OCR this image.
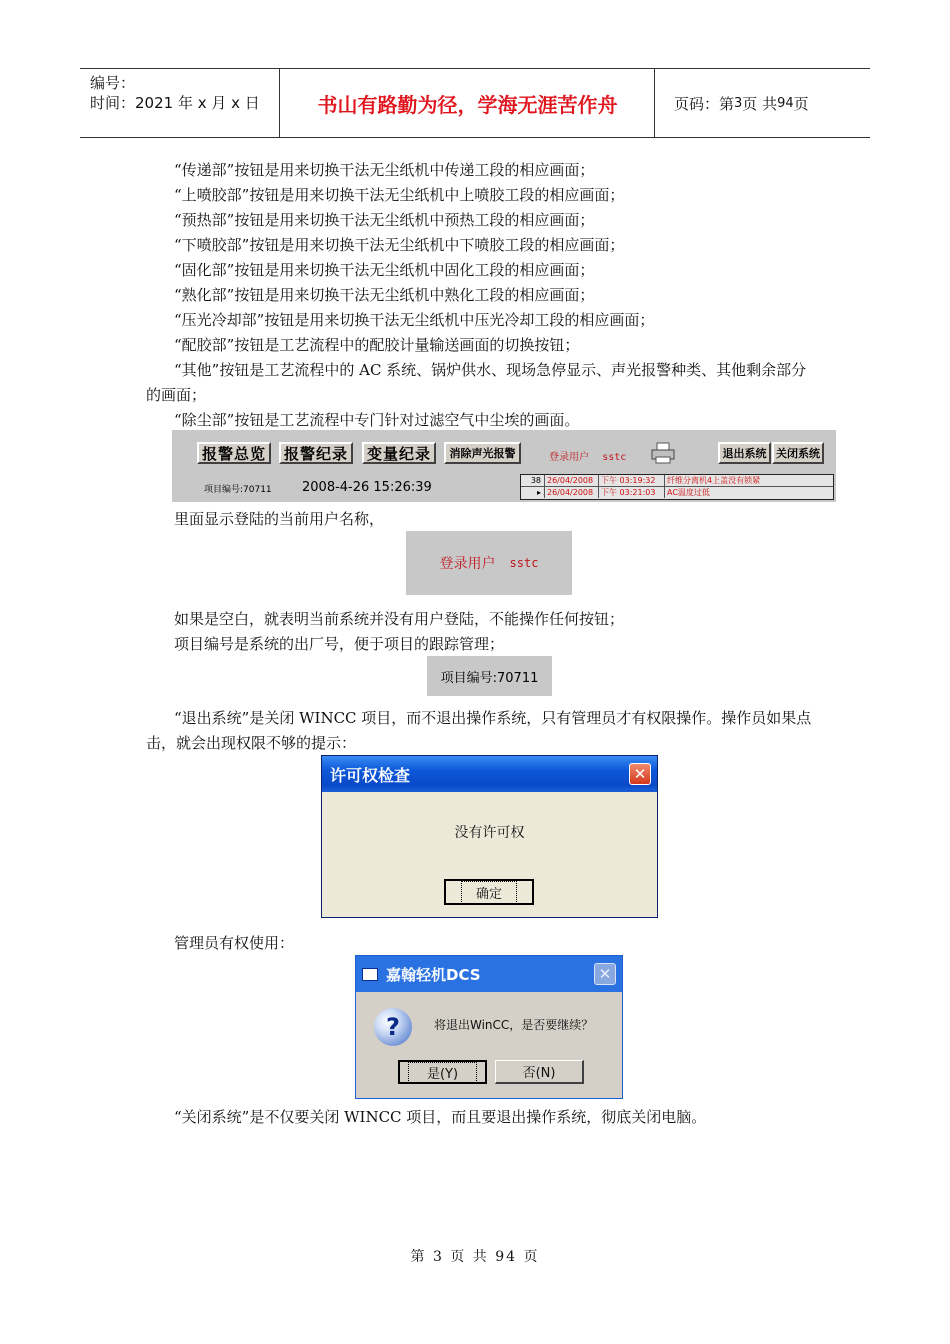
编号：
时间：2021 年 x 月 x 日	书山有路勤为径，学海无涯苦作舟	页码：第 3 页 共 94 页

“传递部”按钮是用来切换干法无尘纸机中传递工段的相应画面；

“上喷胶部”按钮是用来切换干法无尘纸机中上喷胶工段的相应画面；

“预热部”按钮是用来切换干法无尘纸机中预热工段的相应画面；

“下喷胶部”按钮是用来切换干法无尘纸机中下喷胶工段的相应画面；

“固化部”按钮是用来切换干法无尘纸机中固化工段的相应画面；

“熟化部”按钮是用来切换干法无尘纸机中熟化工段的相应画面；

“压光冷却部”按钮是用来切换干法无尘纸机中压光冷却工段的相应画面；

“配胶部”按钮是工艺流程中的配胶计量输送画面的切换按钮；

“其他”按钮是工艺流程中的 AC 系统、锅炉供水、现场急停显示、声光报警种类、其他剩余部分的画面；

“除尘部”按钮是工艺流程中专门针对过滤空气中尘埃的画面。

报警总览	报警纪录	变量纪录	消除声光报警	登录用户 sstc	退出系统 关闭系统
项目编号:70711 2008-4-26 15:26:39	38 26/04/2008 下午 03:19:32	纤维分离机4上盖没有锁紧
▸ 26/04/2008 下午 03:21:03	AC温度过低

里面显示登陆的当前用户名称，

登录用户 sstc

如果是空白，就表明当前系统并没有用户登陆，不能操作任何按钮；

项目编号是系统的出厂号，便于项目的跟踪管理；

项目编号:70711

“退出系统”是关闭 WINCC 项目，而不退出操作系统，只有管理员才有权限操作。操作员如果点击，就会出现权限不够的提示：

许可权检查	✕
没有许可权
确定

管理员有权使用：

嘉翰轻机DCS	✕
?	将退出WinCC，是否要继续？
是(Y)	否(N)

“关闭系统”是不仅要关闭 WINCC 项目，而且要退出操作系统，彻底关闭电脑。

第 3 页 共 94 页
